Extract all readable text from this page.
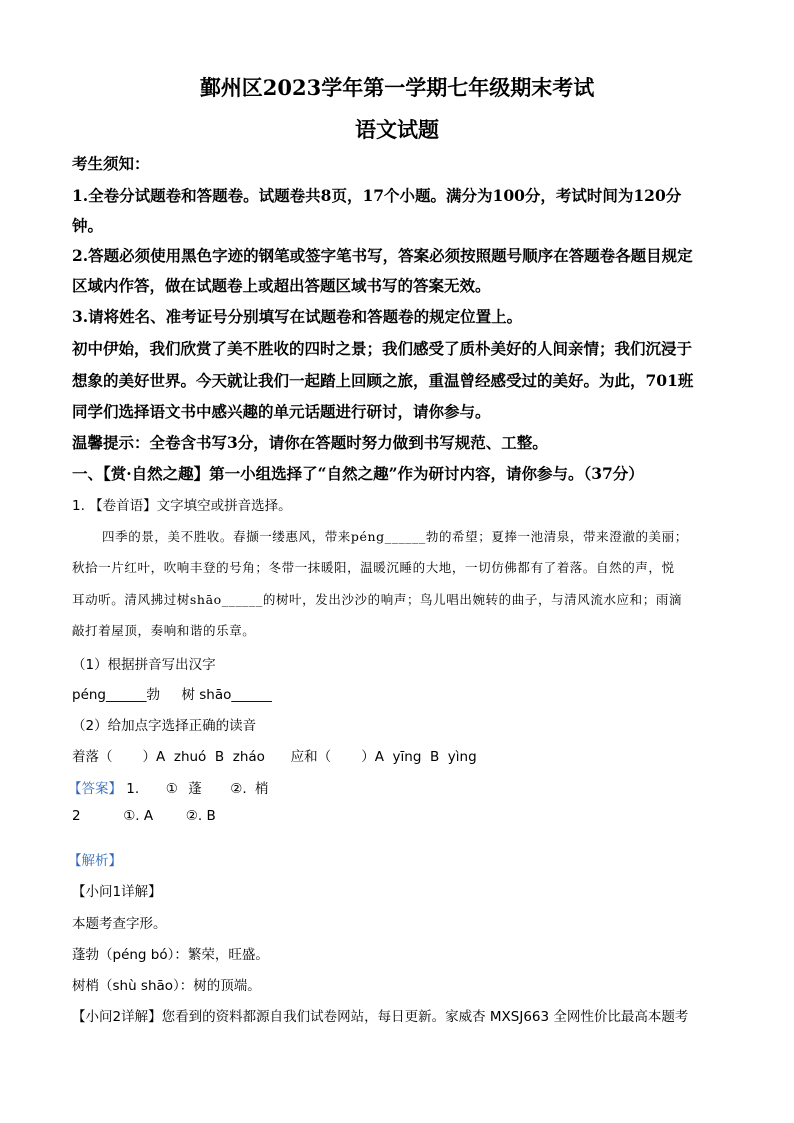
鄞州区2023学年第一学期七年级期末考试
语文试题
考生须知：
1.全卷分试题卷和答题卷。试题卷共8页，17个小题。满分为100分，考试时间为120分
钟。
2.答题必须使用黑色字迹的钢笔或签字笔书写，答案必须按照题号顺序在答题卷各题目规定
区域内作答，做在试题卷上或超出答题区域书写的答案无效。
3.请将姓名、准考证号分别填写在试题卷和答题卷的规定位置上。
初中伊始，我们欣赏了美不胜收的四时之景；我们感受了质朴美好的人间亲情；我们沉浸于
想象的美好世界。今天就让我们一起踏上回顾之旅，重温曾经感受过的美好。为此，701班
同学们选择语文书中感兴趣的单元话题进行研讨，请你参与。
温馨提示：全卷含书写3分，请你在答题时努力做到书写规范、工整。
一、【赏·自然之趣】第一小组选择了“自然之趣”作为研讨内容，请你参与。（37分）
1. 【卷首语】文字填空或拼音选择。
四季的景，美不胜收。春撷一缕惠风，带来péng______勃的希望；夏捧一池清泉，带来澄澈的美丽；
秋拾一片红叶，吹响丰登的号角；冬带一抹暖阳，温暖沉睡的大地，一切仿佛都有了着落。自然的声，悦
耳动听。清风拂过树shāo______的树叶，发出沙沙的响声；鸟儿唱出婉转的曲子，与清风流水应和；雨滴
敲打着屋顶，奏响和谐的乐章。
（1）根据拼音写出汉字
péng______勃     树 shāo______
（2）给加点字选择正确的读音
着落（       ）A  zhuó  B  zháo      应和（       ）A  yīng  B  yìng
【答案】 1. ① 蓬 ②. 梢
2	①. A ②. B
【解析】
【小问1详解】
本题考查字形。
蓬勃（péng bó）：繁荣，旺盛。
树梢（shù shāo）：树的顶端。
【小问2详解】您看到的资料都源自我们试卷网站，每日更新。家威杏 MXSJ663 全网性价比最高本题考
